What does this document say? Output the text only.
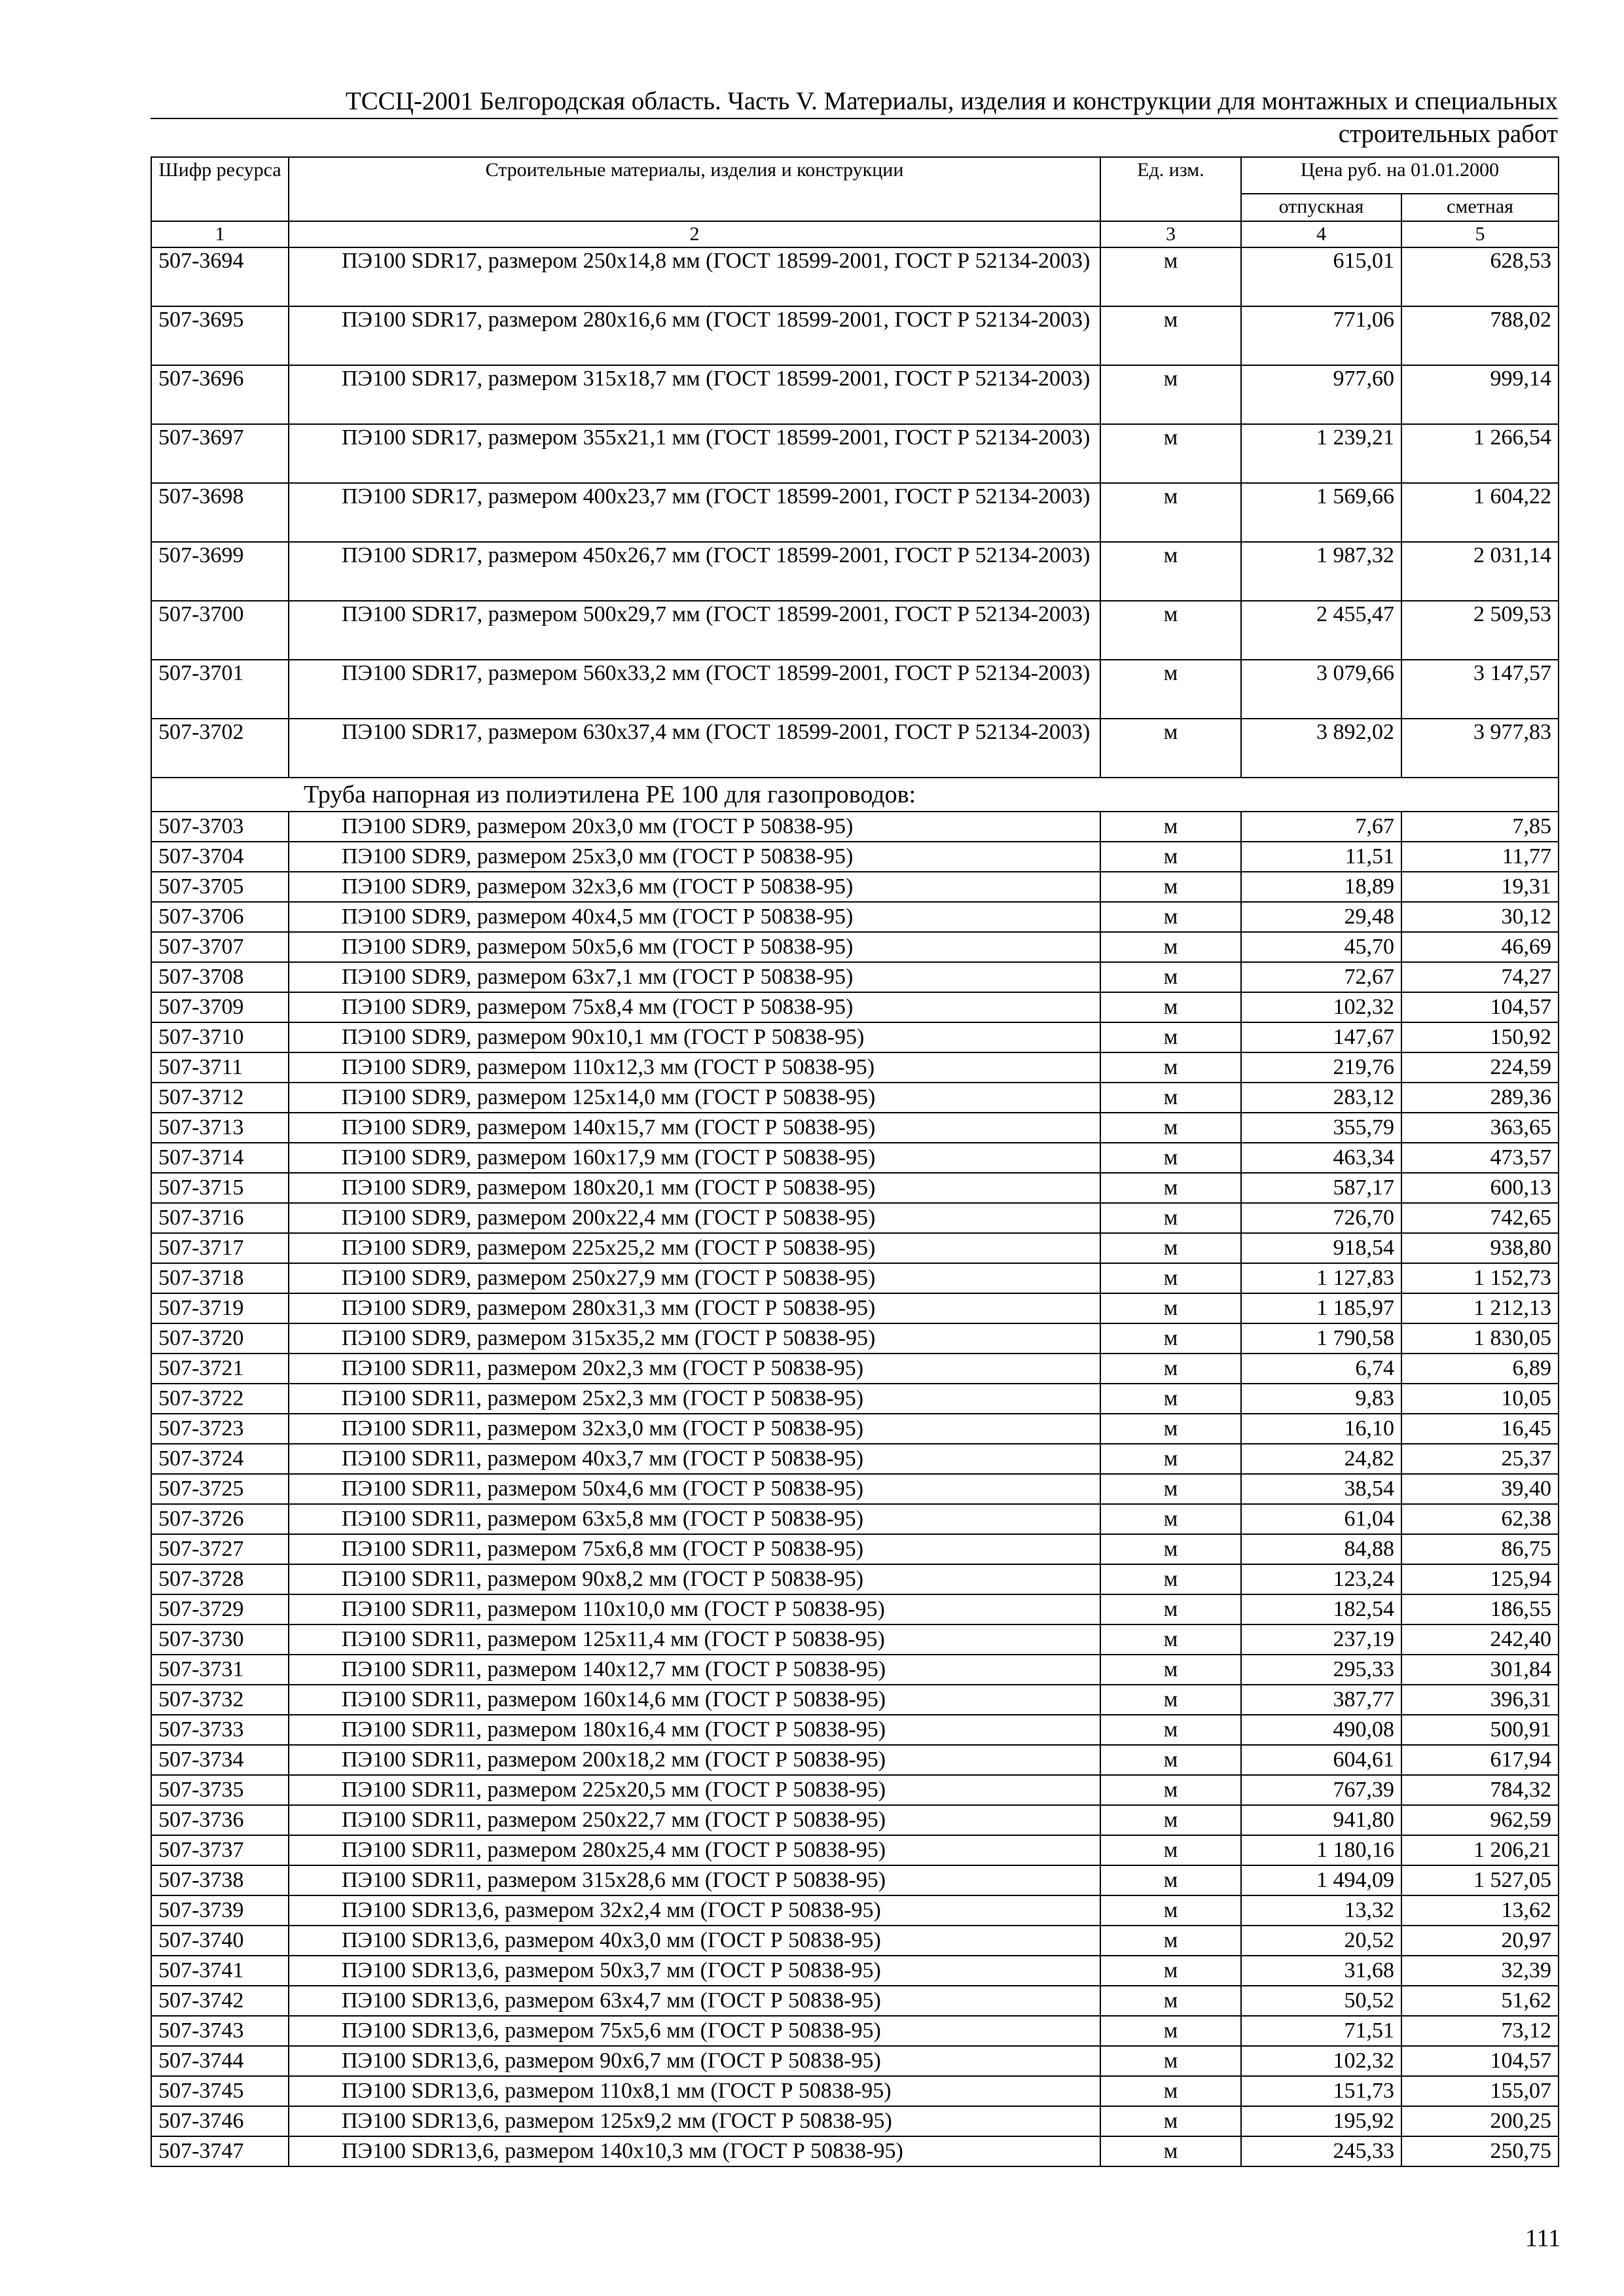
ТССЦ-2001 Белгородская область. Часть V. Материалы, изделия и конструкции для монтажных и специальных
строительных работ
Шифр ресурса	Строительные материалы, изделия и конструкции	Ед. изм.	Цена руб. на 01.01.2000	
			отпускная	сметная
1	2	3	4	5
507-3694	ПЭ100 SDR17, размером 250х14,8 мм (ГОСТ 18599-2001, ГОСТ Р 52134-2003)	м	615,01	628,53
507-3695	ПЭ100 SDR17, размером 280х16,6 мм (ГОСТ 18599-2001, ГОСТ Р 52134-2003)	м	771,06	788,02
507-3696	ПЭ100 SDR17, размером 315х18,7 мм (ГОСТ 18599-2001, ГОСТ Р 52134-2003)	м	977,60	999,14
507-3697	ПЭ100 SDR17, размером 355х21,1 мм (ГОСТ 18599-2001, ГОСТ Р 52134-2003)	м	1 239,21	1 266,54
507-3698	ПЭ100 SDR17, размером 400х23,7 мм (ГОСТ 18599-2001, ГОСТ Р 52134-2003)	м	1 569,66	1 604,22
507-3699	ПЭ100 SDR17, размером 450х26,7 мм (ГОСТ 18599-2001, ГОСТ Р 52134-2003)	м	1 987,32	2 031,14
507-3700	ПЭ100 SDR17, размером 500х29,7 мм (ГОСТ 18599-2001, ГОСТ Р 52134-2003)	м	2 455,47	2 509,53
507-3701	ПЭ100 SDR17, размером 560х33,2 мм (ГОСТ 18599-2001, ГОСТ Р 52134-2003)	м	3 079,66	3 147,57
507-3702	ПЭ100 SDR17, размером 630х37,4 мм (ГОСТ 18599-2001, ГОСТ Р 52134-2003)	м	3 892,02	3 977,83
Труба напорная из полиэтилена PE 100 для газопроводов:				
507-3703	ПЭ100 SDR9, размером 20х3,0 мм (ГОСТ Р 50838-95)	м	7,67	7,85
507-3704	ПЭ100 SDR9, размером 25х3,0 мм (ГОСТ Р 50838-95)	м	11,51	11,77
507-3705	ПЭ100 SDR9, размером 32х3,6 мм (ГОСТ Р 50838-95)	м	18,89	19,31
507-3706	ПЭ100 SDR9, размером 40х4,5 мм (ГОСТ Р 50838-95)	м	29,48	30,12
507-3707	ПЭ100 SDR9, размером 50х5,6 мм (ГОСТ Р 50838-95)	м	45,70	46,69
507-3708	ПЭ100 SDR9, размером 63х7,1 мм (ГОСТ Р 50838-95)	м	72,67	74,27
507-3709	ПЭ100 SDR9, размером 75х8,4 мм (ГОСТ Р 50838-95)	м	102,32	104,57
507-3710	ПЭ100 SDR9, размером 90х10,1 мм (ГОСТ Р 50838-95)	м	147,67	150,92
507-3711	ПЭ100 SDR9, размером 110х12,3 мм (ГОСТ Р 50838-95)	м	219,76	224,59
507-3712	ПЭ100 SDR9, размером 125х14,0 мм (ГОСТ Р 50838-95)	м	283,12	289,36
507-3713	ПЭ100 SDR9, размером 140х15,7 мм (ГОСТ Р 50838-95)	м	355,79	363,65
507-3714	ПЭ100 SDR9, размером 160х17,9 мм (ГОСТ Р 50838-95)	м	463,34	473,57
507-3715	ПЭ100 SDR9, размером 180х20,1 мм (ГОСТ Р 50838-95)	м	587,17	600,13
507-3716	ПЭ100 SDR9, размером 200х22,4 мм (ГОСТ Р 50838-95)	м	726,70	742,65
507-3717	ПЭ100 SDR9, размером 225х25,2 мм (ГОСТ Р 50838-95)	м	918,54	938,80
507-3718	ПЭ100 SDR9, размером 250х27,9 мм (ГОСТ Р 50838-95)	м	1 127,83	1 152,73
507-3719	ПЭ100 SDR9, размером 280х31,3 мм (ГОСТ Р 50838-95)	м	1 185,97	1 212,13
507-3720	ПЭ100 SDR9, размером 315х35,2 мм (ГОСТ Р 50838-95)	м	1 790,58	1 830,05
507-3721	ПЭ100 SDR11, размером 20х2,3 мм (ГОСТ Р 50838-95)	м	6,74	6,89
507-3722	ПЭ100 SDR11, размером 25х2,3 мм (ГОСТ Р 50838-95)	м	9,83	10,05
507-3723	ПЭ100 SDR11, размером 32х3,0 мм (ГОСТ Р 50838-95)	м	16,10	16,45
507-3724	ПЭ100 SDR11, размером 40х3,7 мм (ГОСТ Р 50838-95)	м	24,82	25,37
507-3725	ПЭ100 SDR11, размером 50х4,6 мм (ГОСТ Р 50838-95)	м	38,54	39,40
507-3726	ПЭ100 SDR11, размером 63х5,8 мм (ГОСТ Р 50838-95)	м	61,04	62,38
507-3727	ПЭ100 SDR11, размером 75х6,8 мм (ГОСТ Р 50838-95)	м	84,88	86,75
507-3728	ПЭ100 SDR11, размером 90х8,2 мм (ГОСТ Р 50838-95)	м	123,24	125,94
507-3729	ПЭ100 SDR11, размером 110х10,0 мм (ГОСТ Р 50838-95)	м	182,54	186,55
507-3730	ПЭ100 SDR11, размером 125х11,4 мм (ГОСТ Р 50838-95)	м	237,19	242,40
507-3731	ПЭ100 SDR11, размером 140х12,7 мм (ГОСТ Р 50838-95)	м	295,33	301,84
507-3732	ПЭ100 SDR11, размером 160х14,6 мм (ГОСТ Р 50838-95)	м	387,77	396,31
507-3733	ПЭ100 SDR11, размером 180х16,4 мм (ГОСТ Р 50838-95)	м	490,08	500,91
507-3734	ПЭ100 SDR11, размером 200х18,2 мм (ГОСТ Р 50838-95)	м	604,61	617,94
507-3735	ПЭ100 SDR11, размером 225х20,5 мм (ГОСТ Р 50838-95)	м	767,39	784,32
507-3736	ПЭ100 SDR11, размером 250х22,7 мм (ГОСТ Р 50838-95)	м	941,80	962,59
507-3737	ПЭ100 SDR11, размером 280х25,4 мм (ГОСТ Р 50838-95)	м	1 180,16	1 206,21
507-3738	ПЭ100 SDR11, размером 315х28,6 мм (ГОСТ Р 50838-95)	м	1 494,09	1 527,05
507-3739	ПЭ100 SDR13,6, размером 32х2,4 мм (ГОСТ Р 50838-95)	м	13,32	13,62
507-3740	ПЭ100 SDR13,6, размером 40х3,0 мм (ГОСТ Р 50838-95)	м	20,52	20,97
507-3741	ПЭ100 SDR13,6, размером 50х3,7 мм (ГОСТ Р 50838-95)	м	31,68	32,39
507-3742	ПЭ100 SDR13,6, размером 63х4,7 мм (ГОСТ Р 50838-95)	м	50,52	51,62
507-3743	ПЭ100 SDR13,6, размером 75х5,6 мм (ГОСТ Р 50838-95)	м	71,51	73,12
507-3744	ПЭ100 SDR13,6, размером 90х6,7 мм (ГОСТ Р 50838-95)	м	102,32	104,57
507-3745	ПЭ100 SDR13,6, размером 110х8,1 мм (ГОСТ Р 50838-95)	м	151,73	155,07
507-3746	ПЭ100 SDR13,6, размером 125х9,2 мм (ГОСТ Р 50838-95)	м	195,92	200,25
507-3747	ПЭ100 SDR13,6, размером 140х10,3 мм (ГОСТ Р 50838-95)	м	245,33	250,75
111
